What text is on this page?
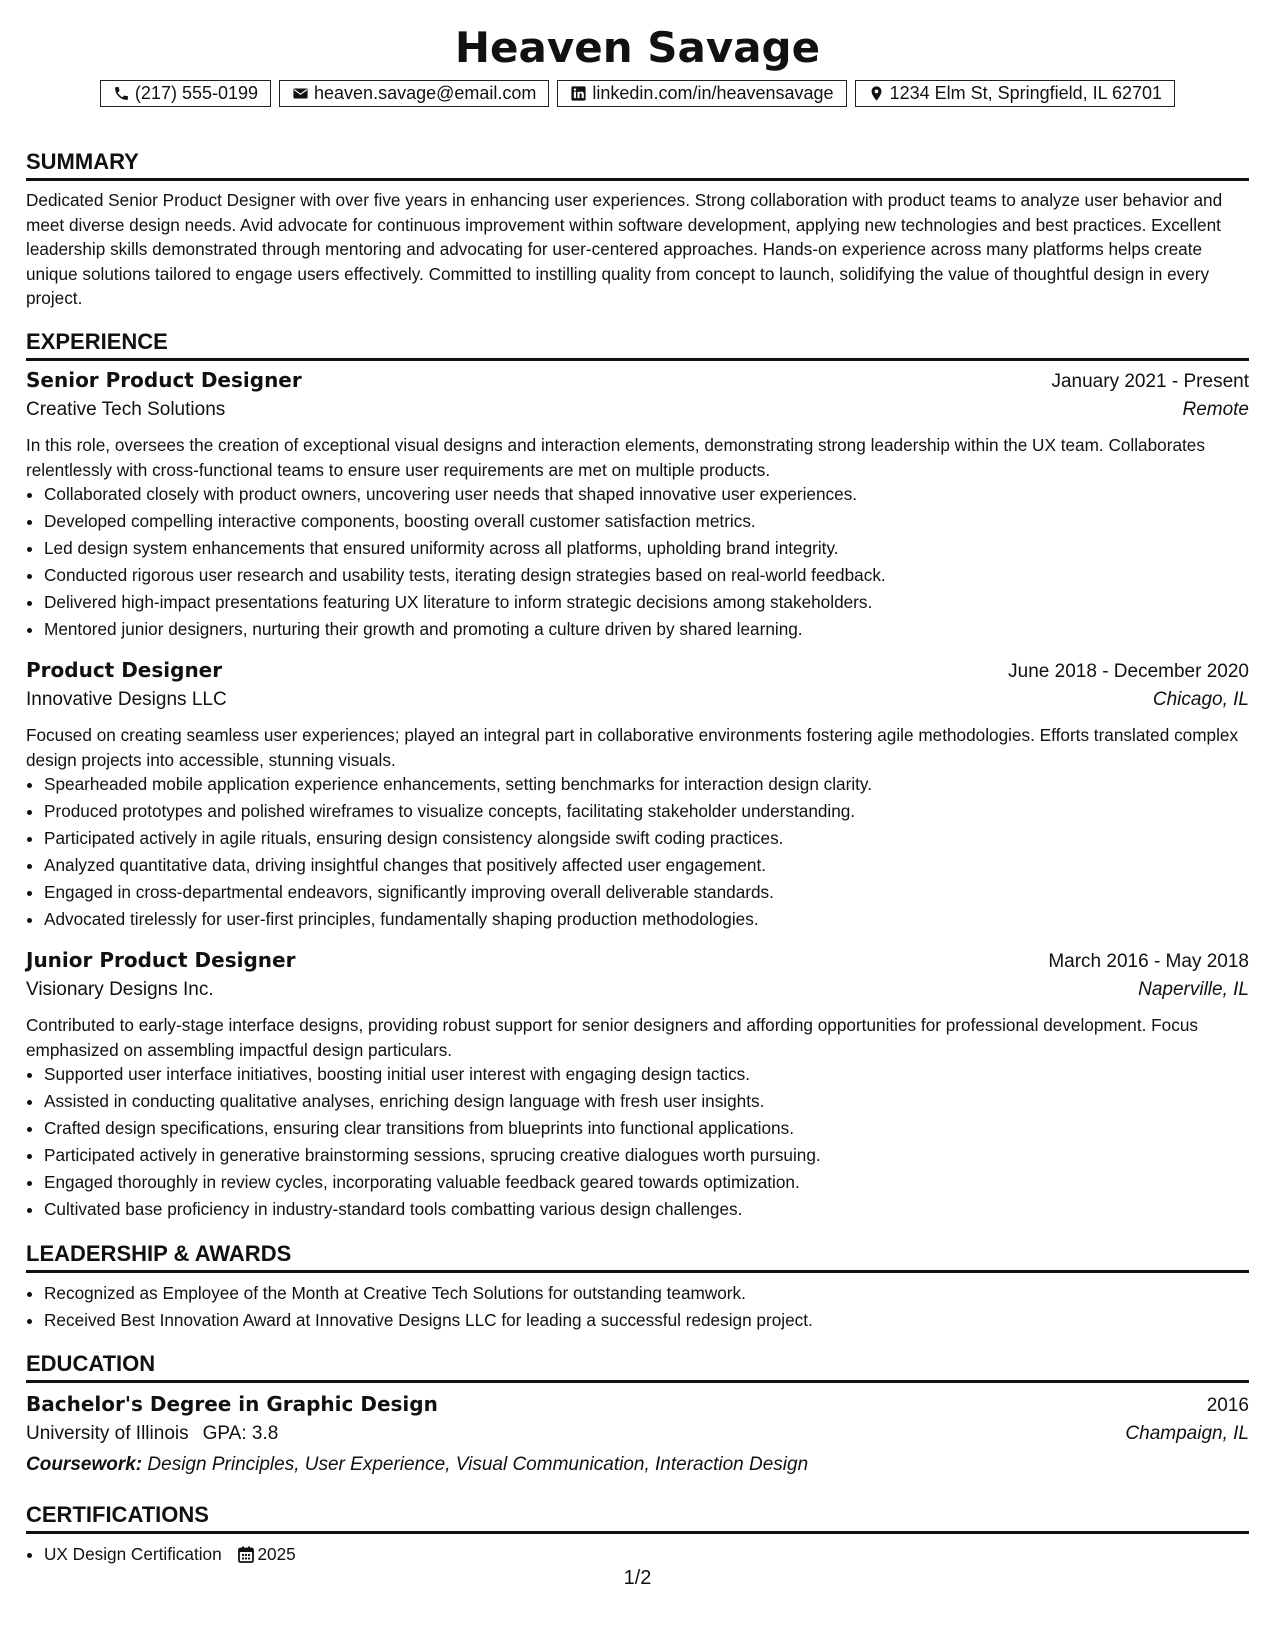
Heaven Savage
(217) 555-0199	heaven.savage@email.com	linkedin.com/in/heavensavage	1234 Elm St, Springfield, IL 62701
SUMMARY
Dedicated Senior Product Designer with over five years in enhancing user experiences. Strong collaboration with product teams to analyze user behavior and meet diverse design needs. Avid advocate for continuous improvement within software development, applying new technologies and best practices. Excellent leadership skills demonstrated through mentoring and advocating for user-centered approaches. Hands-on experience across many platforms helps create unique solutions tailored to engage users effectively. Committed to instilling quality from concept to launch, solidifying the value of thoughtful design in every project.
EXPERIENCE
Senior Product Designer	January 2021 - Present
Creative Tech Solutions	Remote
In this role, oversees the creation of exceptional visual designs and interaction elements, demonstrating strong leadership within the UX team. Collaborates relentlessly with cross-functional teams to ensure user requirements are met on multiple products.
• Collaborated closely with product owners, uncovering user needs that shaped innovative user experiences.
• Developed compelling interactive components, boosting overall customer satisfaction metrics.
• Led design system enhancements that ensured uniformity across all platforms, upholding brand integrity.
• Conducted rigorous user research and usability tests, iterating design strategies based on real-world feedback.
• Delivered high-impact presentations featuring UX literature to inform strategic decisions among stakeholders.
• Mentored junior designers, nurturing their growth and promoting a culture driven by shared learning.
Product Designer	June 2018 - December 2020
Innovative Designs LLC	Chicago, IL
Focused on creating seamless user experiences; played an integral part in collaborative environments fostering agile methodologies. Efforts translated complex design projects into accessible, stunning visuals.
• Spearheaded mobile application experience enhancements, setting benchmarks for interaction design clarity.
• Produced prototypes and polished wireframes to visualize concepts, facilitating stakeholder understanding.
• Participated actively in agile rituals, ensuring design consistency alongside swift coding practices.
• Analyzed quantitative data, driving insightful changes that positively affected user engagement.
• Engaged in cross-departmental endeavors, significantly improving overall deliverable standards.
• Advocated tirelessly for user-first principles, fundamentally shaping production methodologies.
Junior Product Designer	March 2016 - May 2018
Visionary Designs Inc.	Naperville, IL
Contributed to early-stage interface designs, providing robust support for senior designers and affording opportunities for professional development. Focus emphasized on assembling impactful design particulars.
• Supported user interface initiatives, boosting initial user interest with engaging design tactics.
• Assisted in conducting qualitative analyses, enriching design language with fresh user insights.
• Crafted design specifications, ensuring clear transitions from blueprints into functional applications.
• Participated actively in generative brainstorming sessions, sprucing creative dialogues worth pursuing.
• Engaged thoroughly in review cycles, incorporating valuable feedback geared towards optimization.
• Cultivated base proficiency in industry-standard tools combatting various design challenges.
LEADERSHIP & AWARDS
• Recognized as Employee of the Month at Creative Tech Solutions for outstanding teamwork.
• Received Best Innovation Award at Innovative Designs LLC for leading a successful redesign project.
EDUCATION
Bachelor's Degree in Graphic Design	2016
University of Illinois GPA: 3.8	Champaign, IL
Coursework: Design Principles, User Experience, Visual Communication, Interaction Design
CERTIFICATIONS
• UX Design Certification 2025
1/2
